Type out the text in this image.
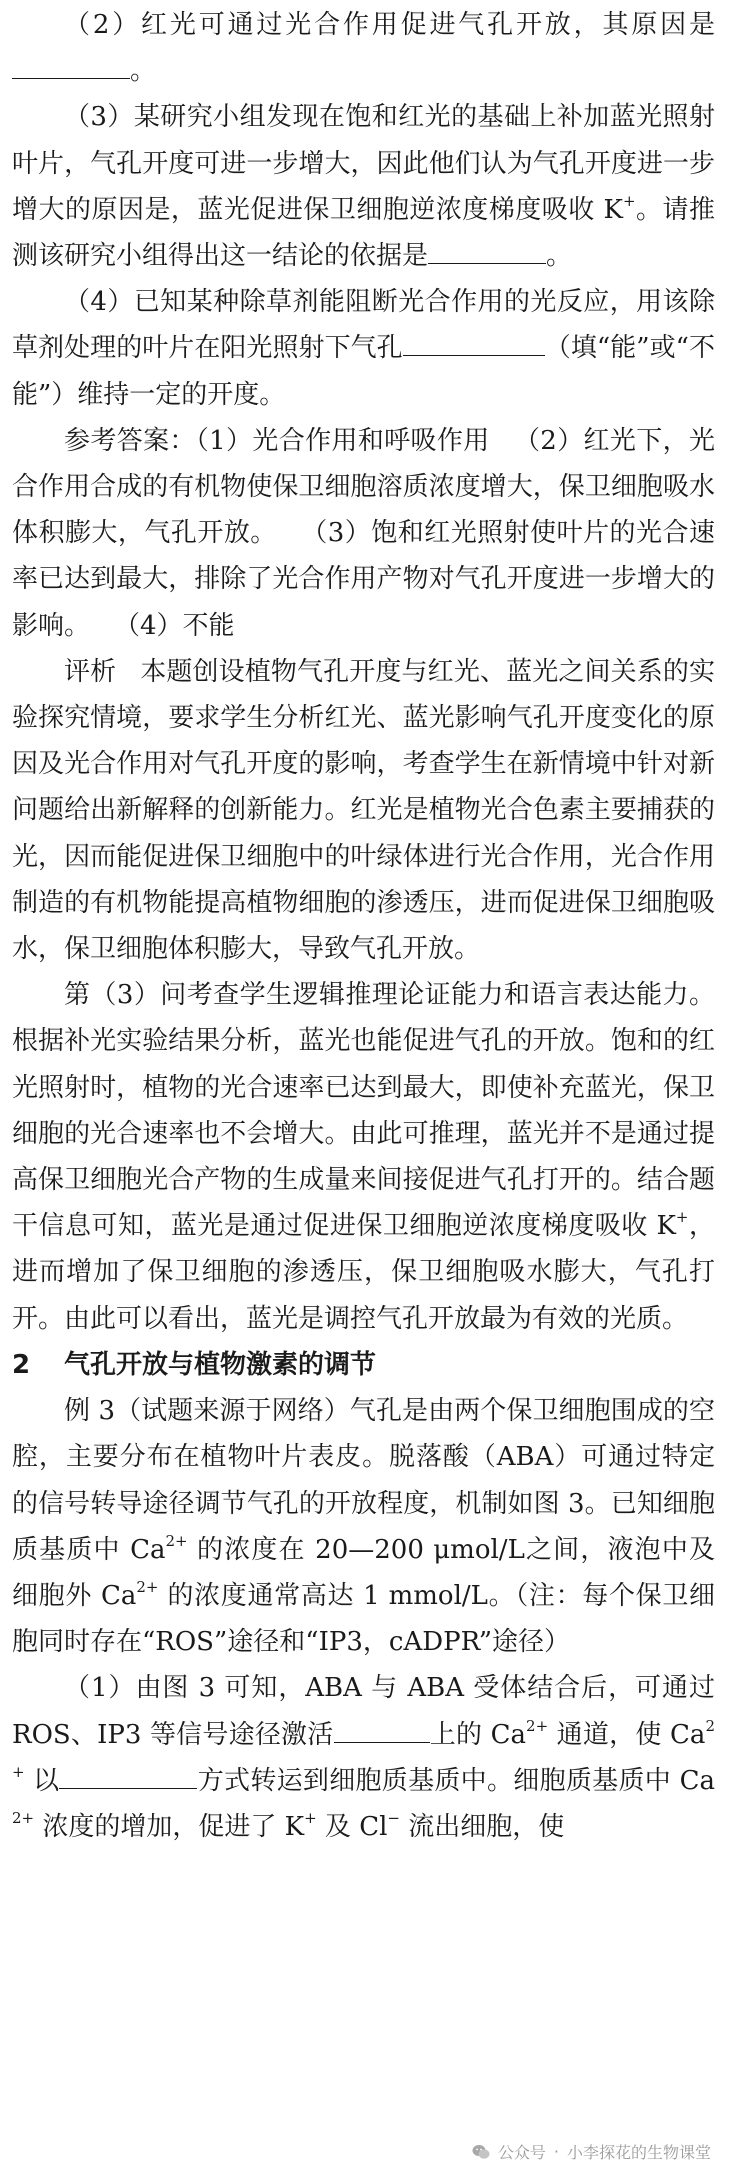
（2）红光可通过光合作用促进气孔开放，其原因是。

（3）某研究小组发现在饱和红光的基础上补加蓝光照射叶片，气孔开度可进一步增大，因此他们认为气孔开度进一步增大的原因是，蓝光促进保卫细胞逆浓度梯度吸收 K+。请推测该研究小组得出这一结论的依据是	。

（4）已知某种除草剂能阻断光合作用的光反应，用该除草剂处理的叶片在阳光照射下气孔	（填“能”或“不能”）维持一定的开度。

参考答案：（1）光合作用和呼吸作用 （2）红光下，光合作用合成的有机物使保卫细胞溶质浓度增大，保卫细胞吸水体积膨大，气孔开放。 （3）饱和红光照射使叶片的光合速率已达到最大，排除了光合作用产物对气孔开度进一步增大的影响。 （4）不能

评析 本题创设植物气孔开度与红光、蓝光之间关系的实验探究情境，要求学生分析红光、蓝光影响气孔开度变化的原因及光合作用对气孔开度的影响，考查学生在新情境中针对新问题给出新解释的创新能力。红光是植物光合色素主要捕获的光，因而能促进保卫细胞中的叶绿体进行光合作用，光合作用制造的有机物能提高植物细胞的渗透压，进而促进保卫细胞吸水，保卫细胞体积膨大，导致气孔开放。

第（3）问考查学生逻辑推理论证能力和语言表达能力。根据补光实验结果分析，蓝光也能促进气孔的开放。饱和的红光照射时，植物的光合速率已达到最大，即使补充蓝光，保卫细胞的光合速率也不会增大。由此可推理，蓝光并不是通过提高保卫细胞光合产物的生成量来间接促进气孔打开的。结合题干信息可知，蓝光是通过促进保卫细胞逆浓度梯度吸收 K+，进而增加了保卫细胞的渗透压，保卫细胞吸水膨大，气孔打开。由此可以看出，蓝光是调控气孔开放最为有效的光质。

2 气孔开放与植物激素的调节

例 3（试题来源于网络）气孔是由两个保卫细胞围成的空腔，主要分布在植物叶片表皮。脱落酸（ABA）可通过特定的信号转导途径调节气孔的开放程度，机制如图 3。已知细胞质基质中 $Ca^{2+}$ 的浓度在 20—200 μmol/L之间，液泡中及细胞外 $Ca^{2+}$ 的浓度通常高达 1 mmol/L。（注：每个保卫细胞同时存在“ROS”途径和“IP3，cADPR”途径）

（1）由图 3 可知，ABA 与 ABA 受体结合后，可通过 ROS、IP3 等信号途径激活	上的 $Ca^{2+}$ 通道，使 $Ca^{2+}$ 以	方式转运到细胞质基质中。细胞质基质中 $Ca^{2+}$ 浓度的增加，促进了 K+ 及 Cl− 流出细胞，使

公众号 · 小李探花的生物课堂
